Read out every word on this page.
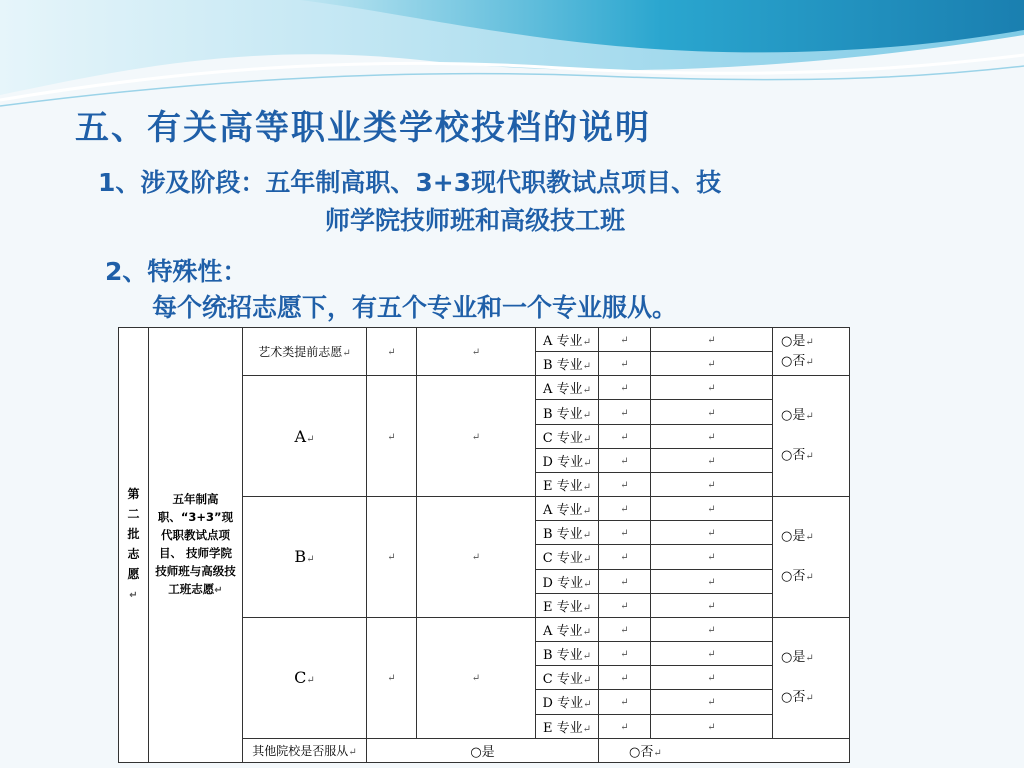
五、有关高等职业类学校投档的说明
1、涉及阶段：五年制高职、3+3现代职教试点项目、技
师学院技师班和高级技工班
2、特殊性：
每个统招志愿下，有五个专业和一个专业服从。
第二批志愿 ↵	五年制高职、“3+3”现代职教试点项目、 技师学院技师班与高级技工班志愿 ↵	艺术类提前志愿 ↵	↵	↵	A 专业 ↵	↵	↵	○是 ↵
○否 ↵

					B 专业 ↵	↵	↵
		A ↵	↵	↵	A 专业 ↵	↵	↵	○是 ↵
○否 ↵

					B 专业 ↵	↵	↵
					C 专业 ↵	↵	↵
					D 专业 ↵	↵	↵
					E 专业 ↵	↵	↵
		B ↵	↵	↵	A 专业 ↵	↵	↵	○是 ↵
○否 ↵

					B 专业 ↵	↵	↵
					C 专业 ↵	↵	↵
					D 专业 ↵	↵	↵
					E 专业 ↵	↵	↵
		C ↵	↵	↵	A 专业 ↵	↵	↵	○是 ↵
○否 ↵

					B 专业 ↵	↵	↵
					C 专业 ↵	↵	↵
					D 专业 ↵	↵	↵
					E 专业 ↵	↵	↵
		其他院校是否服从 ↵	○是			○否 ↵
